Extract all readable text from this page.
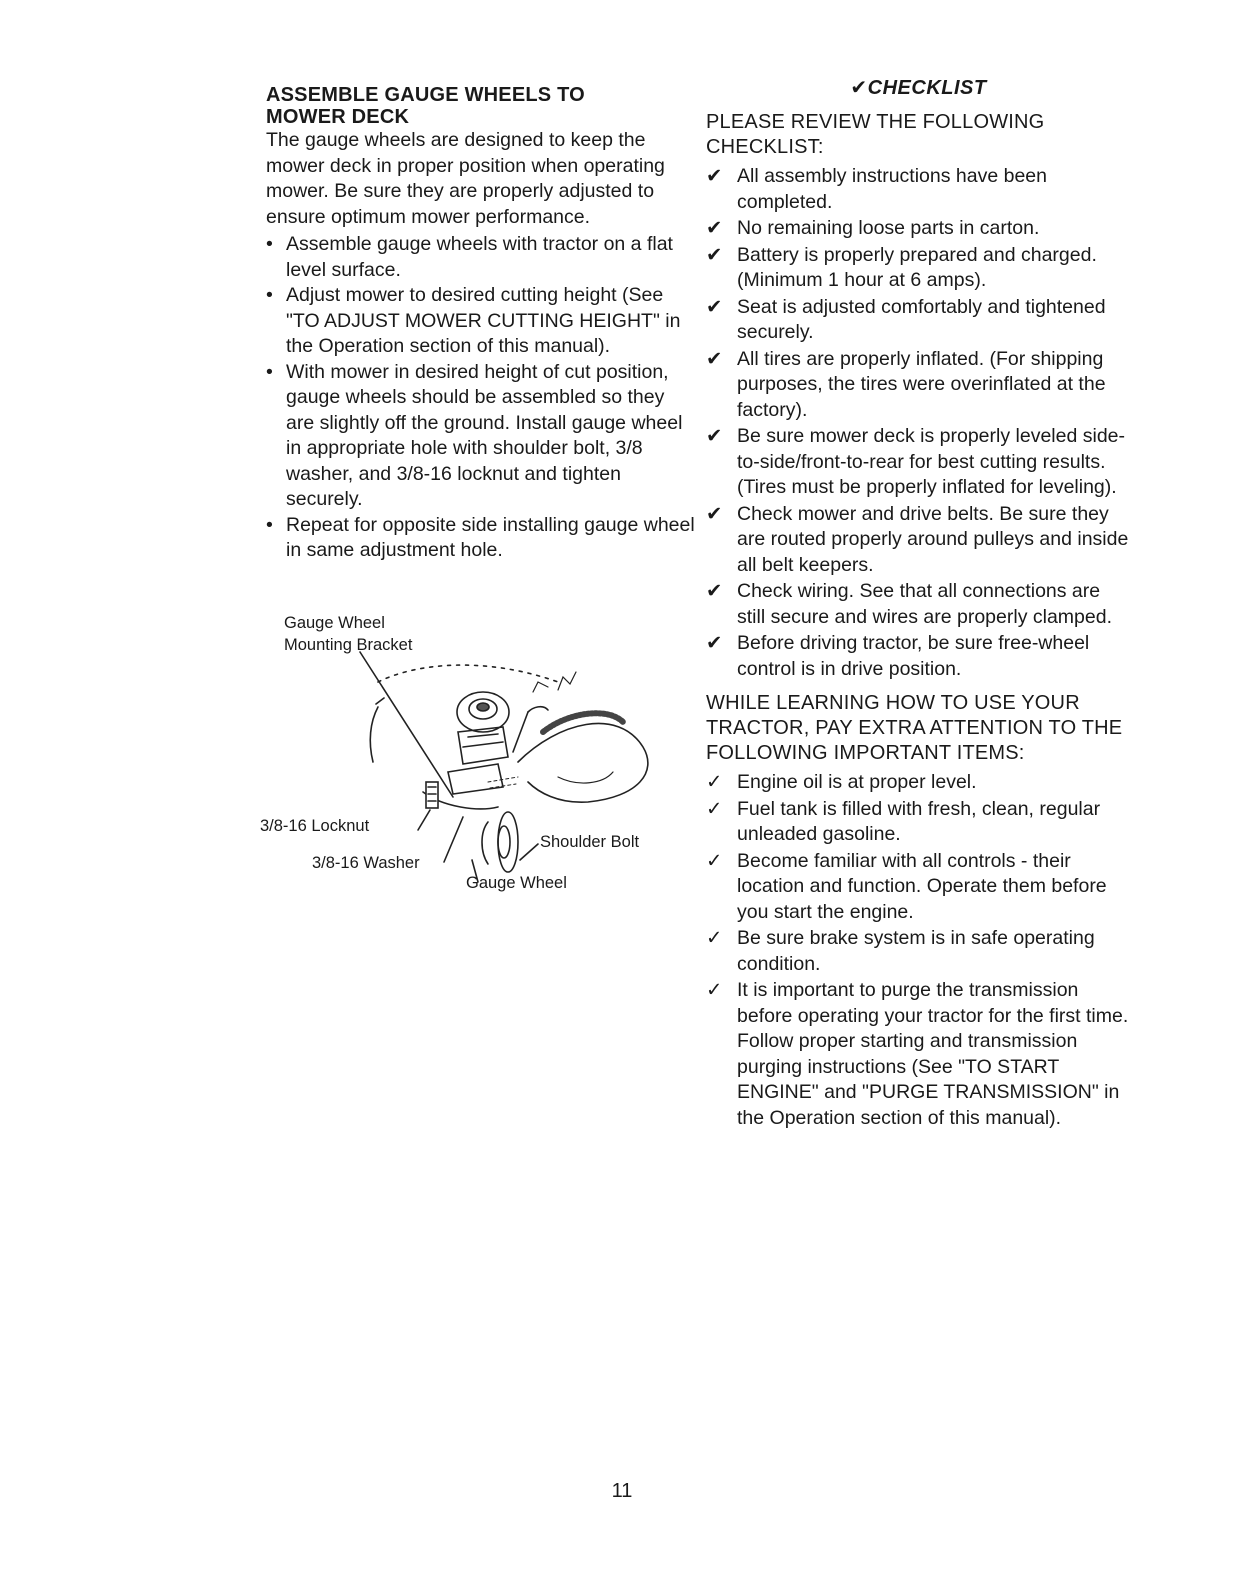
ASSEMBLE GAUGE WHEELS TO
MOWER DECK

The gauge wheels are designed to keep the mower deck in proper position when operating mower. Be sure they are properly adjusted to ensure optimum mower performance.

• Assemble gauge wheels with tractor on a flat level surface.
• Adjust mower to desired cutting height (See "TO ADJUST MOWER CUTTING HEIGHT" in the Operation section of this manual).
• With mower in desired height of cut position, gauge wheels should be assembled so they are slightly off the ground. Install gauge wheel in appropriate hole with shoulder bolt, 3/8 washer, and 3/8-16 locknut and tighten securely.
• Repeat for opposite side installing gauge wheel in same adjustment hole.
Gauge Wheel
Mounting Bracket
3/8-16 Locknut
3/8-16 Washer
Shoulder Bolt
Gauge Wheel

✔CHECKLIST

PLEASE REVIEW THE FOLLOWING CHECKLIST:

✔ All assembly instructions have been completed.
✔ No remaining loose parts in carton.
✔ Battery is properly prepared and charged. (Minimum 1 hour at 6 amps).
✔ Seat is adjusted comfortably and tightened securely.
✔ All tires are properly inflated. (For shipping purposes, the tires were overinflated at the factory).
✔ Be sure mower deck is properly leveled side-to-side/front-to-rear for best cutting results. (Tires must be properly inflated for leveling).
✔ Check mower and drive belts. Be sure they are routed properly around pulleys and inside all belt keepers.
✔ Check wiring. See that all connections are still secure and wires are properly clamped.
✔ Before driving tractor, be sure free-wheel control is in drive position.

WHILE LEARNING HOW TO USE YOUR TRACTOR, PAY EXTRA ATTENTION TO THE FOLLOWING IMPORTANT ITEMS:

✓ Engine oil is at proper level.
✓ Fuel tank is filled with fresh, clean, regular unleaded gasoline.
✓ Become familiar with all controls - their location and function. Operate them before you start the engine.
✓ Be sure brake system is in safe operating condition.
✓ It is important to purge the transmission before operating your tractor for the first time. Follow proper starting and transmission purging instructions (See "TO START ENGINE" and "PURGE TRANSMISSION" in the Operation section of this manual).
11
